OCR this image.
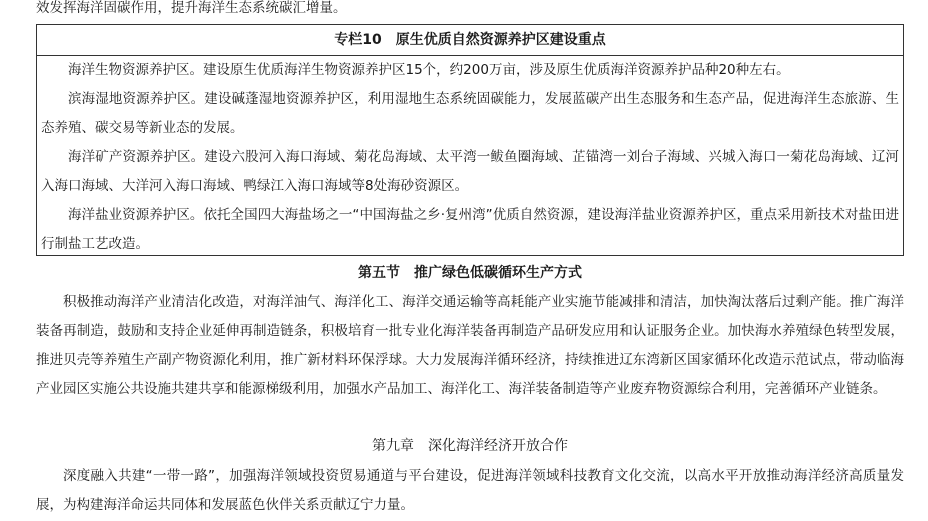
效发挥海洋固碳作用，提升海洋生态系统碳汇增量。
专栏10　原生优质自然资源养护区建设重点

海洋生物资源养护区。建设原生优质海洋生物资源养护区15个，约200万亩，涉及原生优质海洋资源养护品种20种左右。

滨海湿地资源养护区。建设碱蓬湿地资源养护区，利用湿地生态系统固碳能力，发展蓝碳产出生态服务和生态产品，促进海洋生态旅游、生态养殖、碳交易等新业态的发展。

海洋矿产资源养护区。建设六股河入海口海域、菊花岛海域、太平湾一鲅鱼圈海域、芷锚湾一刘台子海域、兴城入海口一菊花岛海域、辽河入海口海域、大洋河入海口海域、鸭绿江入海口海域等8处海砂资源区。

海洋盐业资源养护区。依托全国四大海盐场之一“中国海盐之乡·复州湾”优质自然资源，建设海洋盐业资源养护区，重点采用新技术对盐田进行制盐工艺改造。

第五节　推广绿色低碳循环生产方式

积极推动海洋产业清洁化改造，对海洋油气、海洋化工、海洋交通运输等高耗能产业实施节能减排和清洁，加快淘汰落后过剩产能。推广海洋装备再制造，鼓励和支持企业延伸再制造链条，积极培育一批专业化海洋装备再制造产品研发应用和认证服务企业。加快海水养殖绿色转型发展，推进贝壳等养殖生产副产物资源化利用，推广新材料环保浮球。大力发展海洋循环经济，持续推进辽东湾新区国家循环化改造示范试点，带动临海产业园区实施公共设施共建共享和能源梯级利用，加强水产品加工、海洋化工、海洋装备制造等产业废弃物资源综合利用，完善循环产业链条。

第九章　深化海洋经济开放合作

深度融入共建“一带一路”，加强海洋领域投资贸易通道与平台建设，促进海洋领域科技教育文化交流，以高水平开放推动海洋经济高质量发展，为构建海洋命运共同体和发展蓝色伙伴关系贡献辽宁力量。
